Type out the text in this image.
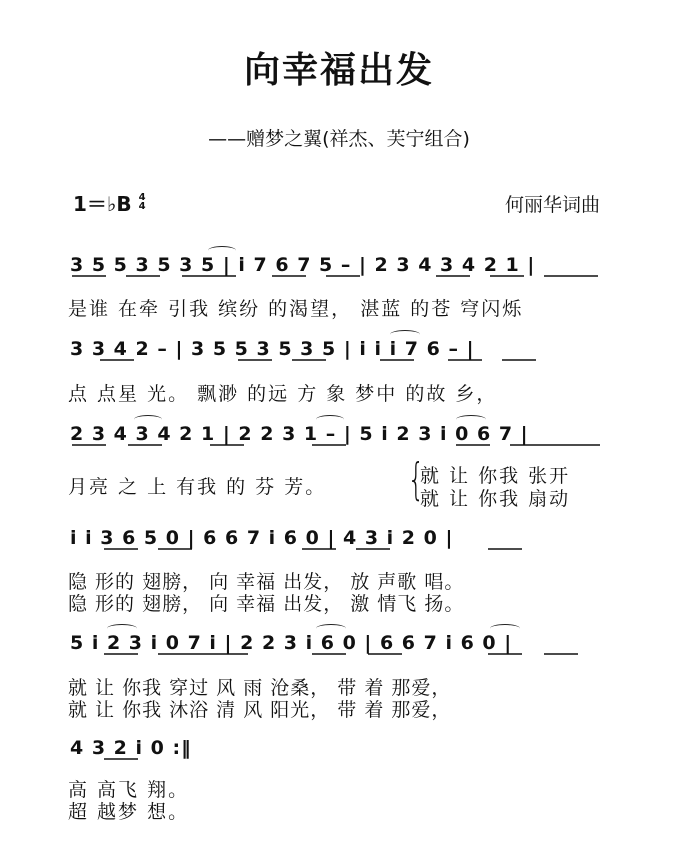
向幸福出发
——赠梦之翼(祥杰、芙宁组合)
1＝♭B 4
4	何丽华词曲
3 5 5 3 5 3 5 | i 7 6 7 5 – | 2 3 4 3 4 2 1 |
3 3 4 2 – | 3 5 5 3 5 3 5 | i i i 7 6 – |
2 3 4 3 4 2 1 | 2 2 3 1 – | 5 i 2 3 i 0 6 7 |
i i 3 6 5 0 | 6 6 7 i 6 0 | 4 3 i 2 0 |
5 i 2 3 i 0 7 i | 2 2 3 i 6 0 | 6 6 7 i 6 0 |
4 3 2 i 0 :‖
是谁 在牵 引我 缤纷 的渴望， 湛蓝 的苍 穹闪烁
点 点星 光。 飘渺 的远 方 象 梦中 的故 乡，
月亮 之 上 有我 的 芬 芳。 {
就 让 你我 张开
就 让 你我 扇动
隐 形的 翅膀， 向 幸福 出发， 放 声歌 唱。
隐 形的 翅膀， 向 幸福 出发， 激 情飞 扬。
就 让 你我 穿过 风 雨 沧桑， 带 着 那爱，
就 让 你我 沐浴 清 风 阳光， 带 着 那爱，
高 高飞 翔。
超 越梦 想。
